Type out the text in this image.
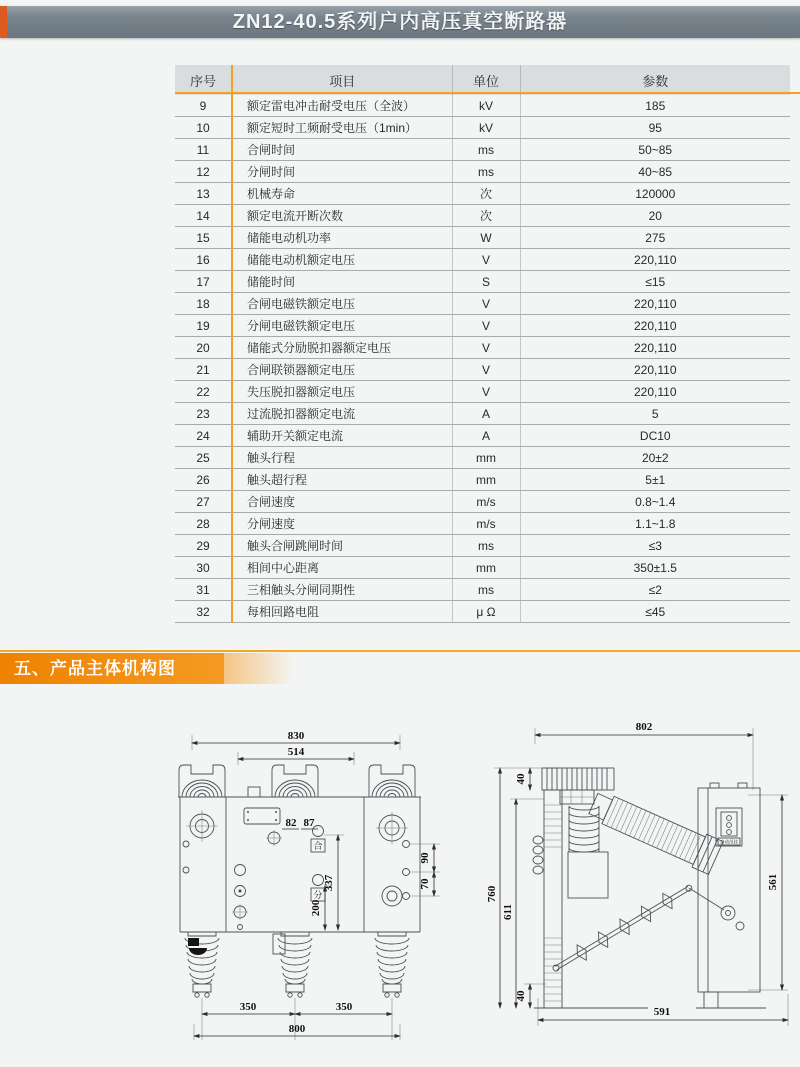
ZN12-40.5系列户内高压真空断路器
序号	项目	单位	参数
9	额定雷电冲击耐受电压（全波）	kV	185
10	额定短时工频耐受电压（1min）	kV	95
11	合闸时间	ms	50~85
12	分闸时间	ms	40~85
13	机械寿命	次	120000
14	额定电流开断次数	次	20
15	储能电动机功率	W	275
16	储能电动机额定电压	V	220,110
17	储能时间	S	≤15
18	合闸电磁铁额定电压	V	220,110
19	分闸电磁铁额定电压	V	220,110
20	储能式分励脱扣器额定电压	V	220,110
21	合闸联锁器额定电压	V	220,110
22	失压脱扣器额定电压	V	220,110
23	过流脱扣器额定电流	A	5
24	辅助开关额定电流	A	DC10
25	触头行程	mm	20±2
26	触头超行程	mm	5±1
27	合闸速度	m/s	0.8~1.4
28	分闸速度	m/s	1.1~1.8
29	触头合闸跳闸时间	ms	≤3
30	相间中心距离	mm	350±1.5
31	三相触头分闸同期性	ms	≤2
32	每相回路电阻	μ Ω	≤45
五、产品主体机构图
830
514
合
分
82 87
337
200
90
70
350	350
800
802
760
611
40
40
561
591
自动吊挂
